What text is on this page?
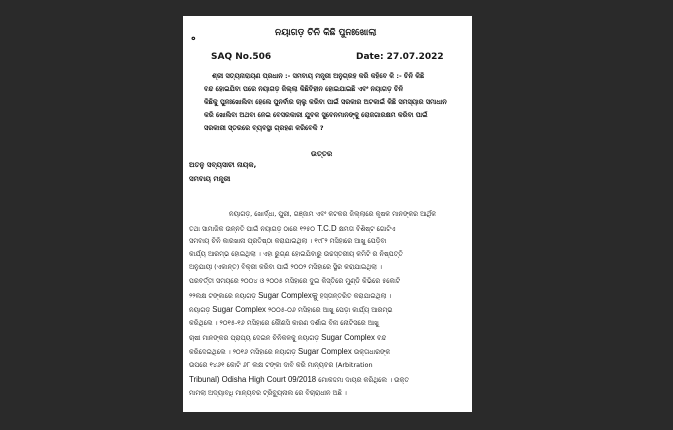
॰	ନୟାଗଡ଼ ଚିନି କିଛି ପୁନଃଖୋଲା
SAQ No.506	Date: 27.07.2022
ଶ୍ରୀ ସତ୍ୟନାରାୟଣ ପ୍ରଧାନ :- ସମବାୟ ମନ୍ତ୍ରୀ ଅନୁଗ୍ରହ କରି କହିବେ କି :- ଚିନି କିଛି
ବନ୍ଦ ହୋଇଯିବା ପରେ ନୟାଗଡ଼ ଜିଲ୍ଲା କିଛିବିହୀନ ହୋଇଯାଇଛି ଏବଂ ନୟାଗଡ଼ ଚିନି
କିଛିକୁ ପୁନଃଖୋଲିବା ହେଲେ ପୁନର୍ବାର ଚାଲୁ କରିବା ପାଇଁ ସରକାର ଅଟକାଇଁ କିଛି ସମସ୍ୟାର ସମାଧାନ
କରି ଖୋଲିବା ଅଥବା ନେଇ ବେସରକାରୀ ଯୁବକ ସୁବେନମାନଙ୍କୁ ରୋଜଗାରକ୍ଷମ କରିବା ପାଇଁ
ସରକାରୀ ସ୍ତରରେ ବ୍ୟବସ୍ଥା ଗ୍ରହଣ କରିବେକି ?
ଉତ୍ତର
ଅତନୁ ସବ୍ୟସାଚୀ ନାୟକ,
ସମବାୟ ମନ୍ତ୍ରୀ
ନୟାଗଡ଼, ଖୋର୍ଦ୍ଧା, ପୁରୀ, ଗଞ୍ଜାମ ଏବଂ କଟକର ଜିଲ୍ଲାରେ କୃଷକ ମାନଙ୍କର ଆର୍ଥିକ
ତଥା ସାମାଜିକ ଉନ୍ନତି ପାଇଁ ନୟାଗଡ଼ ଠାରେ ୧୨୫୦ T.C.D କ୍ଷମତା ବିଶିଷ୍ଟ ଗୋଟିଏ
ସମବାୟ ଚିନି କାରଖାନା ପ୍ରତିଷ୍ଠା କରାଯାଇଥିଲା । ୧୯୮୨ ମସିହାରେ ଆଖୁ ପେଡ଼ିବା
କାର୍ଯ୍ୟ ଆରମ୍ଭ ହୋଇଥିଲା । ଏହା ରୁଗ୍ଣ ହୋଇଯିବାରୁ ଉଚ୍ଚସ୍ତରୀୟ କମିଟି ର ନିଷ୍ପତ୍ତି
ଅନୁଯାୟୀ (ଏକାନ୍ତ) ବିକ୍ରୀ କରିବା ପାଇଁ ୨୦୦୨ ମସିହାରେ ସ୍ଥିର କରାଯାଇଥିଲା ।
ପରବର୍ତ୍ତୀ ସମୟରେ ୨୦୦୪ ଓ ୨୦୦୫ ମସିହାରେ ଦୁଇ କିସ୍ତିରେ ମୁଣ୍ଡି କିଭିରେ ୫କୋଟି
୨୨ଲକ୍ଷ ଟଙ୍କାରେ ନୟାଗଡ଼ Sugar Complexକୁ ହସ୍ତାନ୍ତରିତ କରାଯାଇଥିଲା ।
ନୟାଗଡ଼ Sugar Complex ୨୦୦୫-୦୬ ମସିହାରେ ଆଖୁ ପେଡ଼ା କାର୍ଯ୍ୟ ଆରମ୍ଭ
କରିଥିଲେ । ୨୦୧୫-୧୬ ମସିହାରେ କୌଣସି କାରଣ ଦର୍ଶାଇ ବିନା ନୋଟିସରେ ଆଖୁ
ଚାଷୀ ମାନଙ୍କର ପ୍ରାପ୍ୟ ଦେଇନ ଚିନିକଳକୁ ନୟାଗଡ଼ Sugar Complex ବନ୍ଦ
କରିଦେଇଥିଲେ । ୨୦୧୬ ମସିହାରେ ନୟାଗଡ଼ Sugar Complex ଉକ୍ତାଧାରଙ୍କ
ଉପରେ ୧୪୬୧ କୋଟି ୬୮ ଲକ୍ଷ ଟଙ୍କା ଦାବି କରି ମାନ୍ୟବର (Arbitration
Tribunal) Odisha High Court 09/2018 ମୋକଦ୍ଦମା ଦାୟର କରିଥିଲେ । ଉକ୍ତ
ମାମଲା ଅଦ୍ୟାବଧି ମାନ୍ୟବର ଟ୍ରିବ୍ୟୁନାଲ ରେ ବିଚାରାଧୀନ ଅଛି ।
